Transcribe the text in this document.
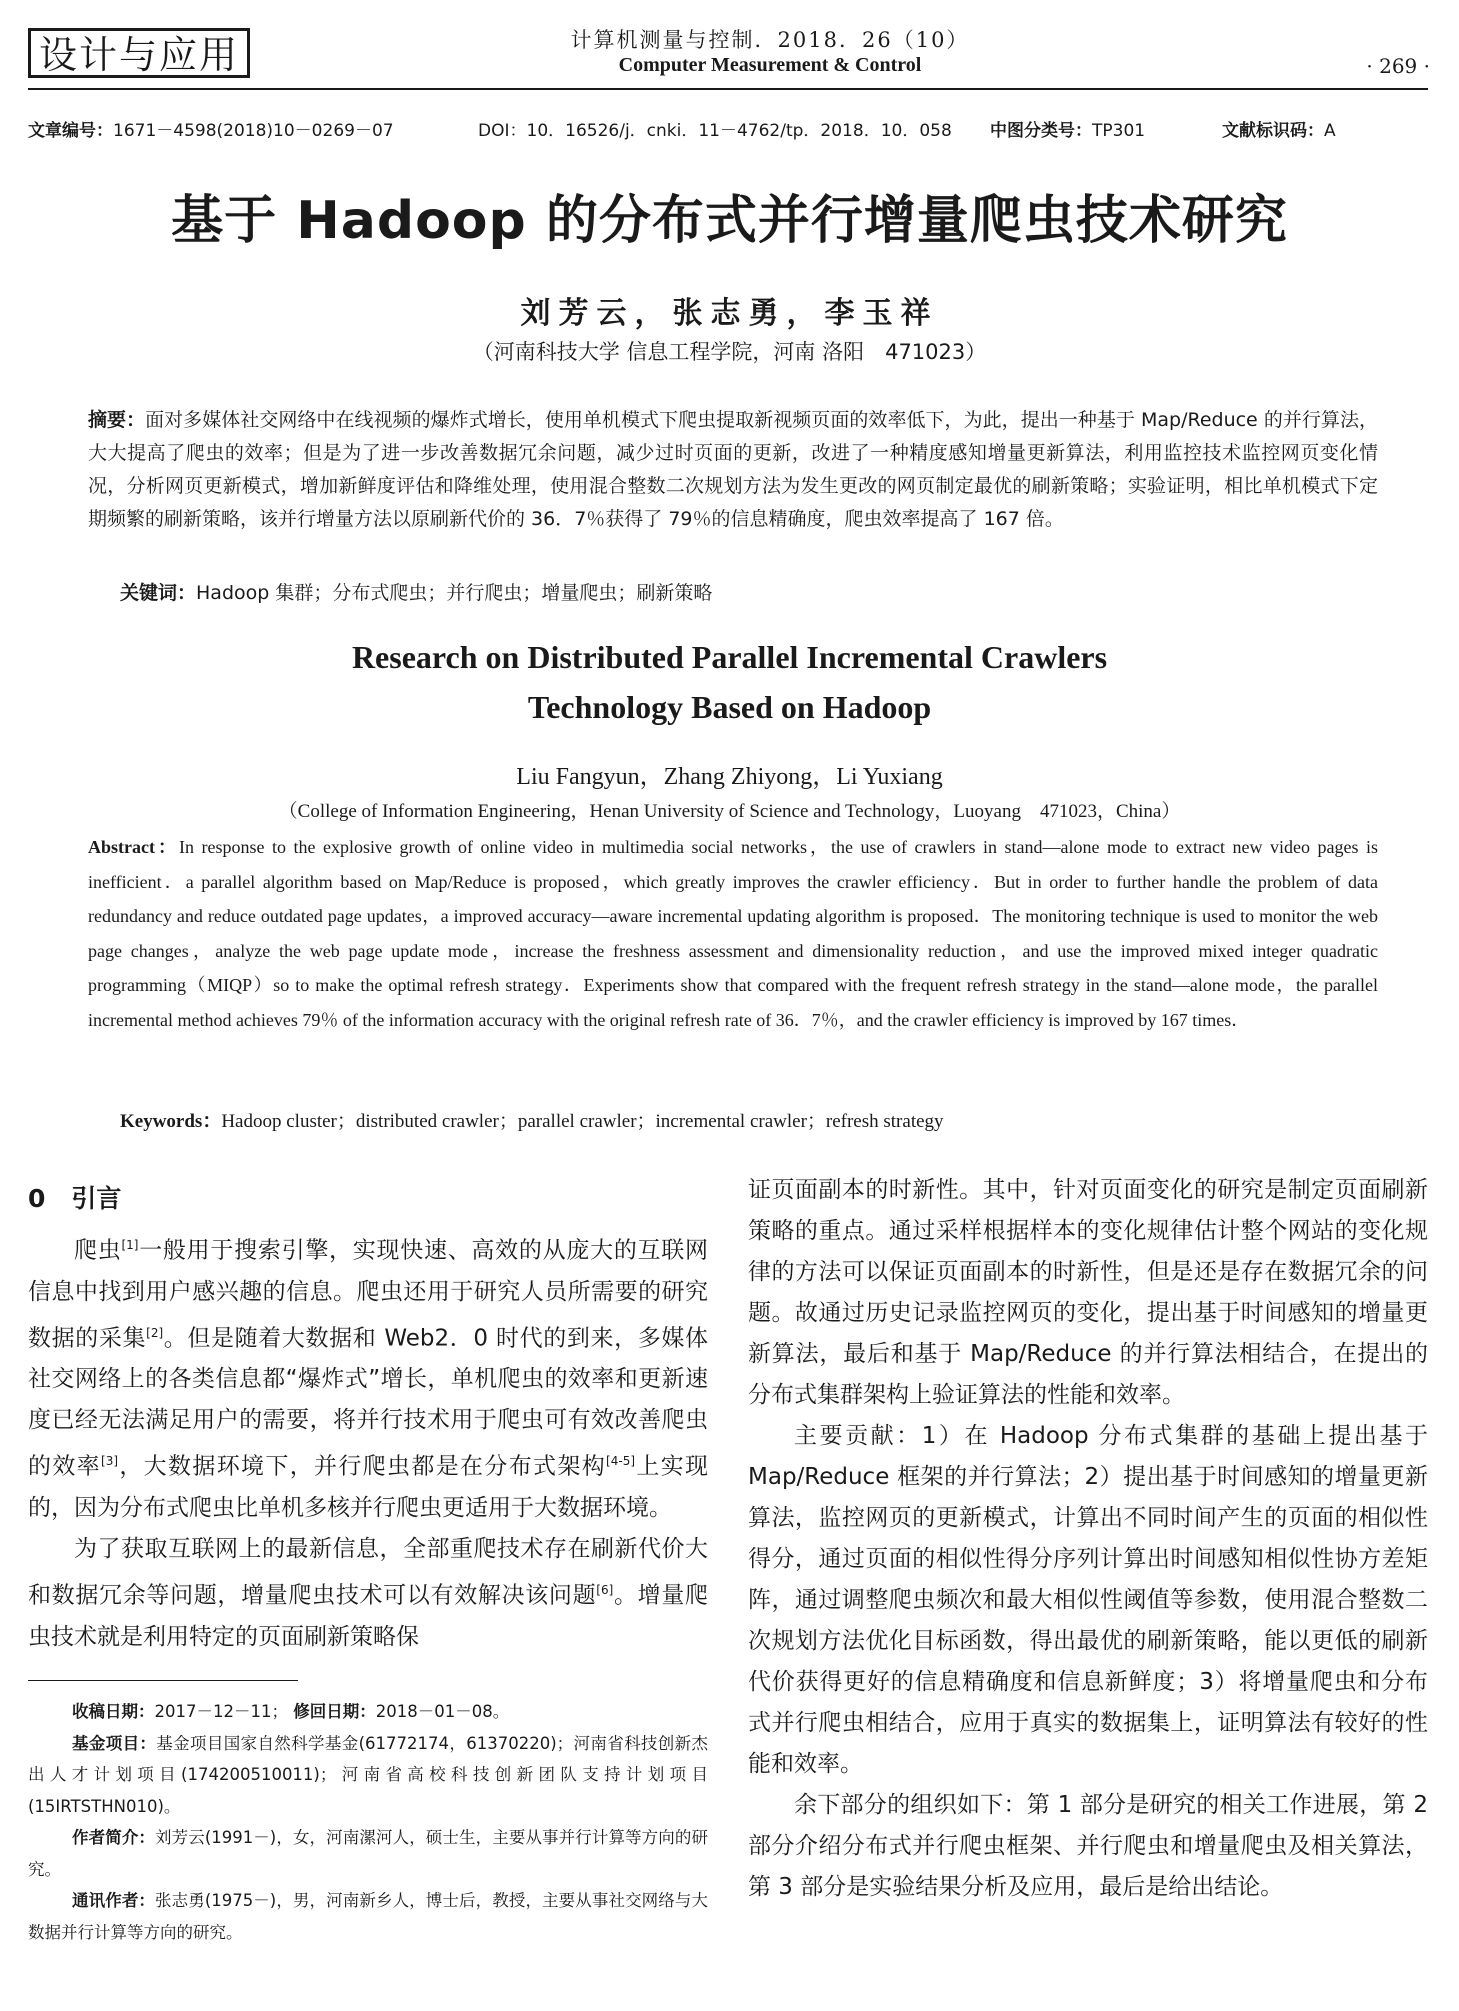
设计与应用	计算机测量与控制．2018．26（10）
Computer Measurement & Control	· 269 ·
文章编号：1671－4598(2018)10－0269－07	DOI：10．16526/j．cnki．11－4762/tp．2018．10．058 中图分类号：TP301	文献标识码：A
基于 Hadoop 的分布式并行增量爬虫技术研究
刘芳云，张志勇，李玉祥
（河南科技大学 信息工程学院，河南 洛阳　471023）
摘要：面对多媒体社交网络中在线视频的爆炸式增长，使用单机模式下爬虫提取新视频页面的效率低下，为此，提出一种基于 Map/Reduce 的并行算法，大大提高了爬虫的效率；但是为了进一步改善数据冗余问题，减少过时页面的更新，改进了一种精度感知增量更新算法，利用监控技术监控网页变化情况，分析网页更新模式，增加新鲜度评估和降维处理，使用混合整数二次规划方法为发生更改的网页制定最优的刷新策略；实验证明，相比单机模式下定期频繁的刷新策略，该并行增量方法以原刷新代价的 36．7％获得了 79％的信息精确度，爬虫效率提高了 167 倍。
关键词：Hadoop 集群；分布式爬虫；并行爬虫；增量爬虫；刷新策略
Research on Distributed Parallel Incremental Crawlers
Technology Based on Hadoop
Liu Fangyun，Zhang Zhiyong，Li Yuxiang
（College of Information Engineering，Henan University of Science and Technology，Luoyang　471023，China）
Abstract：In response to the explosive growth of online video in multimedia social networks，the use of crawlers in stand—alone mode to extract new video pages is inefficient．a parallel algorithm based on Map/Reduce is proposed，which greatly improves the crawler efficiency．But in order to further handle the problem of data redundancy and reduce outdated page updates，a improved accuracy—aware incremental updating algorithm is proposed．The monitoring technique is used to monitor the web page changes，analyze the web page update mode，increase the freshness assessment and dimensionality reduction，and use the improved mixed integer quadratic programming（MIQP）so to make the optimal refresh strategy．Experiments show that compared with the frequent refresh strategy in the stand—alone mode，the parallel incremental method achieves 79％ of the information accuracy with the original refresh rate of 36．7％，and the crawler efficiency is improved by 167 times．
Keywords：Hadoop cluster；distributed crawler；parallel crawler；incremental crawler；refresh strategy
0 引言

爬虫[1]一般用于搜索引擎，实现快速、高效的从庞大的互联网信息中找到用户感兴趣的信息。爬虫还用于研究人员所需要的研究数据的采集[2]。但是随着大数据和 Web2．0 时代的到来，多媒体社交网络上的各类信息都“爆炸式”增长，单机爬虫的效率和更新速度已经无法满足用户的需要，将并行技术用于爬虫可有效改善爬虫的效率[3]，大数据环境下，并行爬虫都是在分布式架构[4-5]上实现的，因为分布式爬虫比单机多核并行爬虫更适用于大数据环境。

为了获取互联网上的最新信息，全部重爬技术存在刷新代价大和数据冗余等问题，增量爬虫技术可以有效解决该问题[6]。增量爬虫技术就是利用特定的页面刷新策略保

证页面副本的时新性。其中，针对页面变化的研究是制定页面刷新策略的重点。通过采样根据样本的变化规律估计整个网站的变化规律的方法可以保证页面副本的时新性，但是还是存在数据冗余的问题。故通过历史记录监控网页的变化，提出基于时间感知的增量更新算法，最后和基于 Map/Reduce 的并行算法相结合，在提出的分布式集群架构上验证算法的性能和效率。

主要贡献：1）在 Hadoop 分布式集群的基础上提出基于 Map/Reduce 框架的并行算法；2）提出基于时间感知的增量更新算法，监控网页的更新模式，计算出不同时间产生的页面的相似性得分，通过页面的相似性得分序列计算出时间感知相似性协方差矩阵，通过调整爬虫频次和最大相似性阈值等参数，使用混合整数二次规划方法优化目标函数，得出最优的刷新策略，能以更低的刷新代价获得更好的信息精确度和信息新鲜度；3）将增量爬虫和分布式并行爬虫相结合，应用于真实的数据集上，证明算法有较好的性能和效率。

余下部分的组织如下：第 1 部分是研究的相关工作进展，第 2 部分介绍分布式并行爬虫框架、并行爬虫和增量爬虫及相关算法，第 3 部分是实验结果分析及应用，最后是给出结论。

收稿日期：2017－12－11； 修回日期：2018－01－08。

基金项目：基金项目国家自然科学基金(61772174，61370220)；河南省科技创新杰出人才计划项目(174200510011)；河南省高校科技创新团队支持计划项目(15IRTSTHN010)。

作者简介：刘芳云(1991－)，女，河南漯河人，硕士生，主要从事并行计算等方向的研究。

通讯作者：张志勇(1975－)，男，河南新乡人，博士后，教授，主要从事社交网络与大数据并行计算等方向的研究。
